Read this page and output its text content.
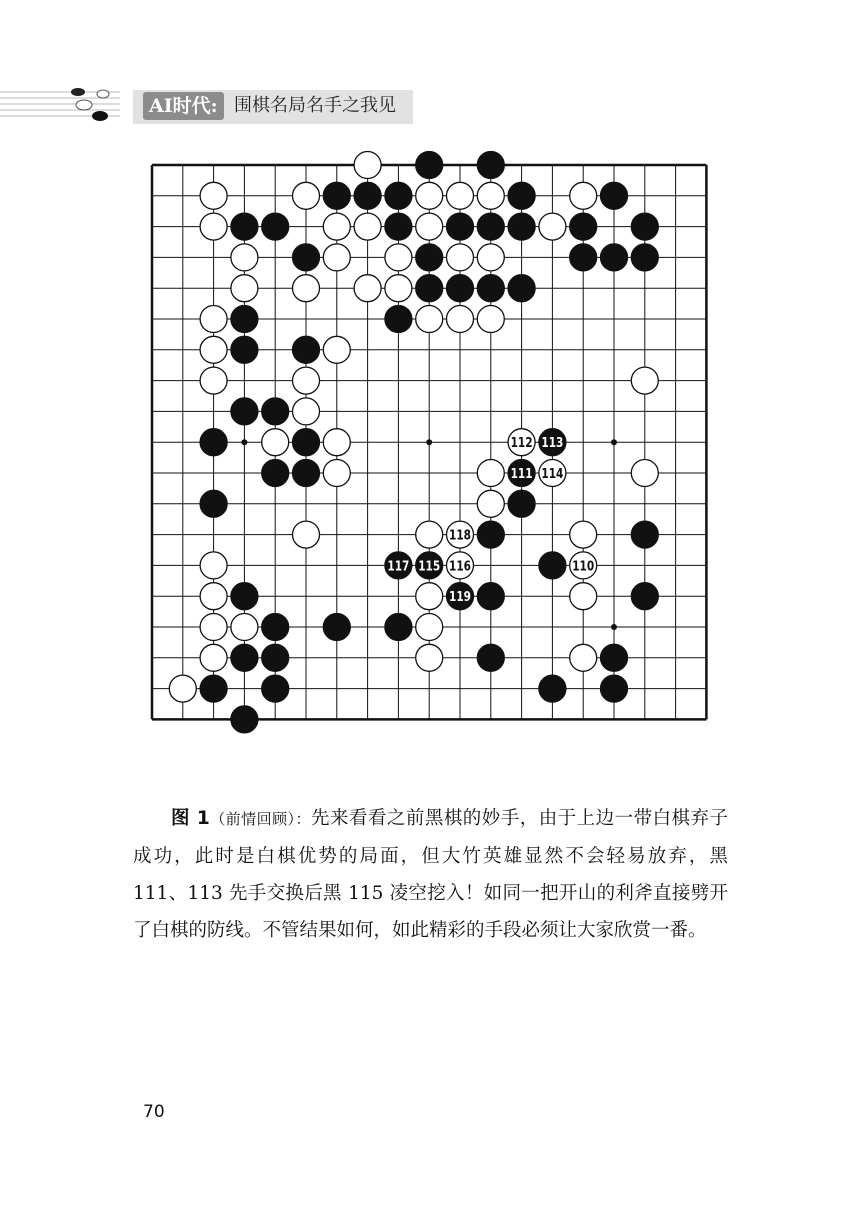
AI时代: 围棋名局名手之我见
112 113
111 114
118
117 115 116	110
119
　　图 1（前情回顾）：先来看看之前黑棋的妙手，由于上边一带白棋弃子成功，此时是白棋优势的局面，但大竹英雄显然不会轻易放弃，黑 111、113 先手交换后黑 115 凌空挖入！如同一把开山的利斧直接劈开了白棋的防线。不管结果如何，如此精彩的手段必须让大家欣赏一番。
70
